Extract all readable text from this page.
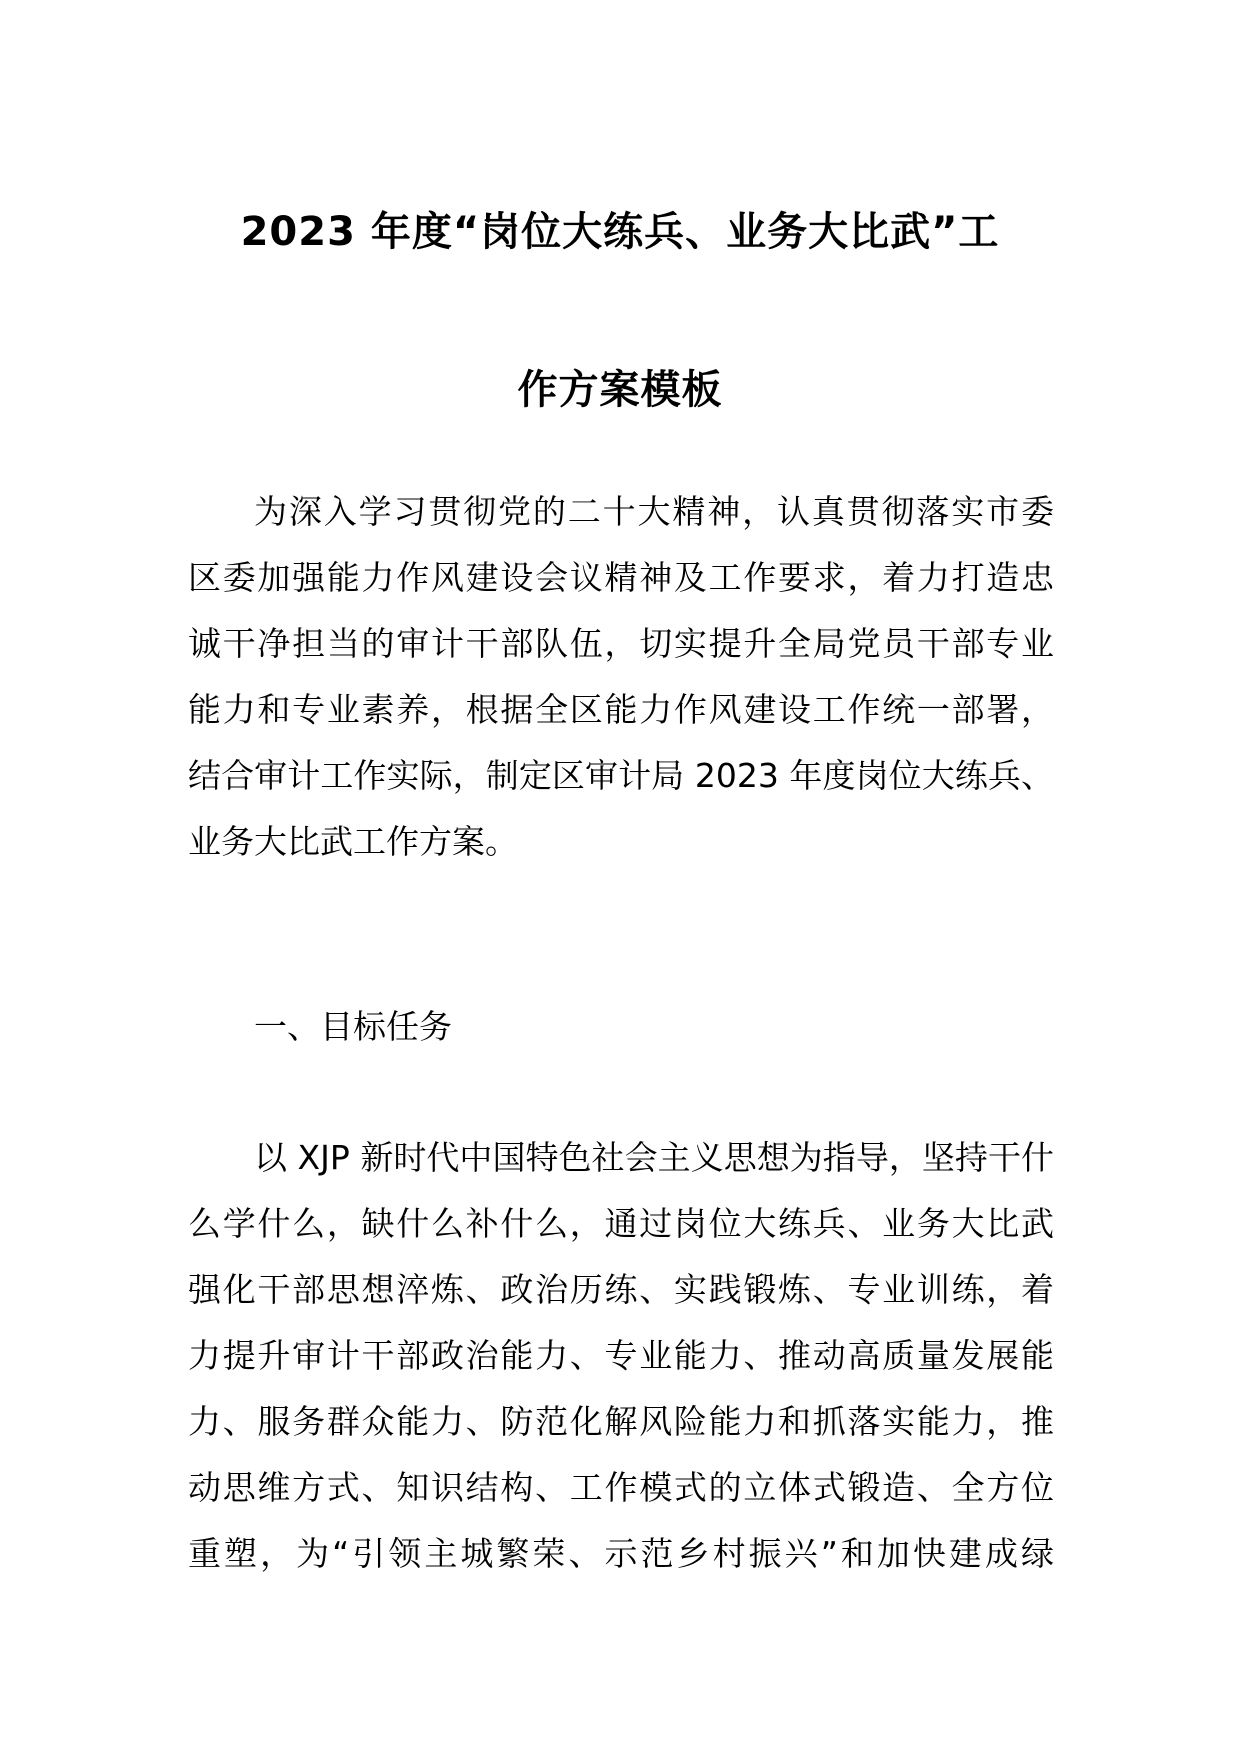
2023 年度“岗位大练兵、业务大比武”工
作方案模板
为深入学习贯彻党的二十大精神，认真贯彻落实市委
区委加强能力作风建设会议精神及工作要求，着力打造忠
诚干净担当的审计干部队伍，切实提升全局党员干部专业
能力和专业素养，根据全区能力作风建设工作统一部署，
结合审计工作实际，制定区审计局 2023 年度岗位大练兵、
业务大比武工作方案。
一、目标任务
以 XJP 新时代中国特色社会主义思想为指导，坚持干什
么学什么，缺什么补什么，通过岗位大练兵、业务大比武
强化干部思想淬炼、政治历练、实践锻炼、专业训练，着
力提升审计干部政治能力、专业能力、推动高质量发展能
力、服务群众能力、防范化解风险能力和抓落实能力，推
动思维方式、知识结构、工作模式的立体式锻造、全方位
重塑，为“引领主城繁荣、示范乡村振兴”和加快建成绿
